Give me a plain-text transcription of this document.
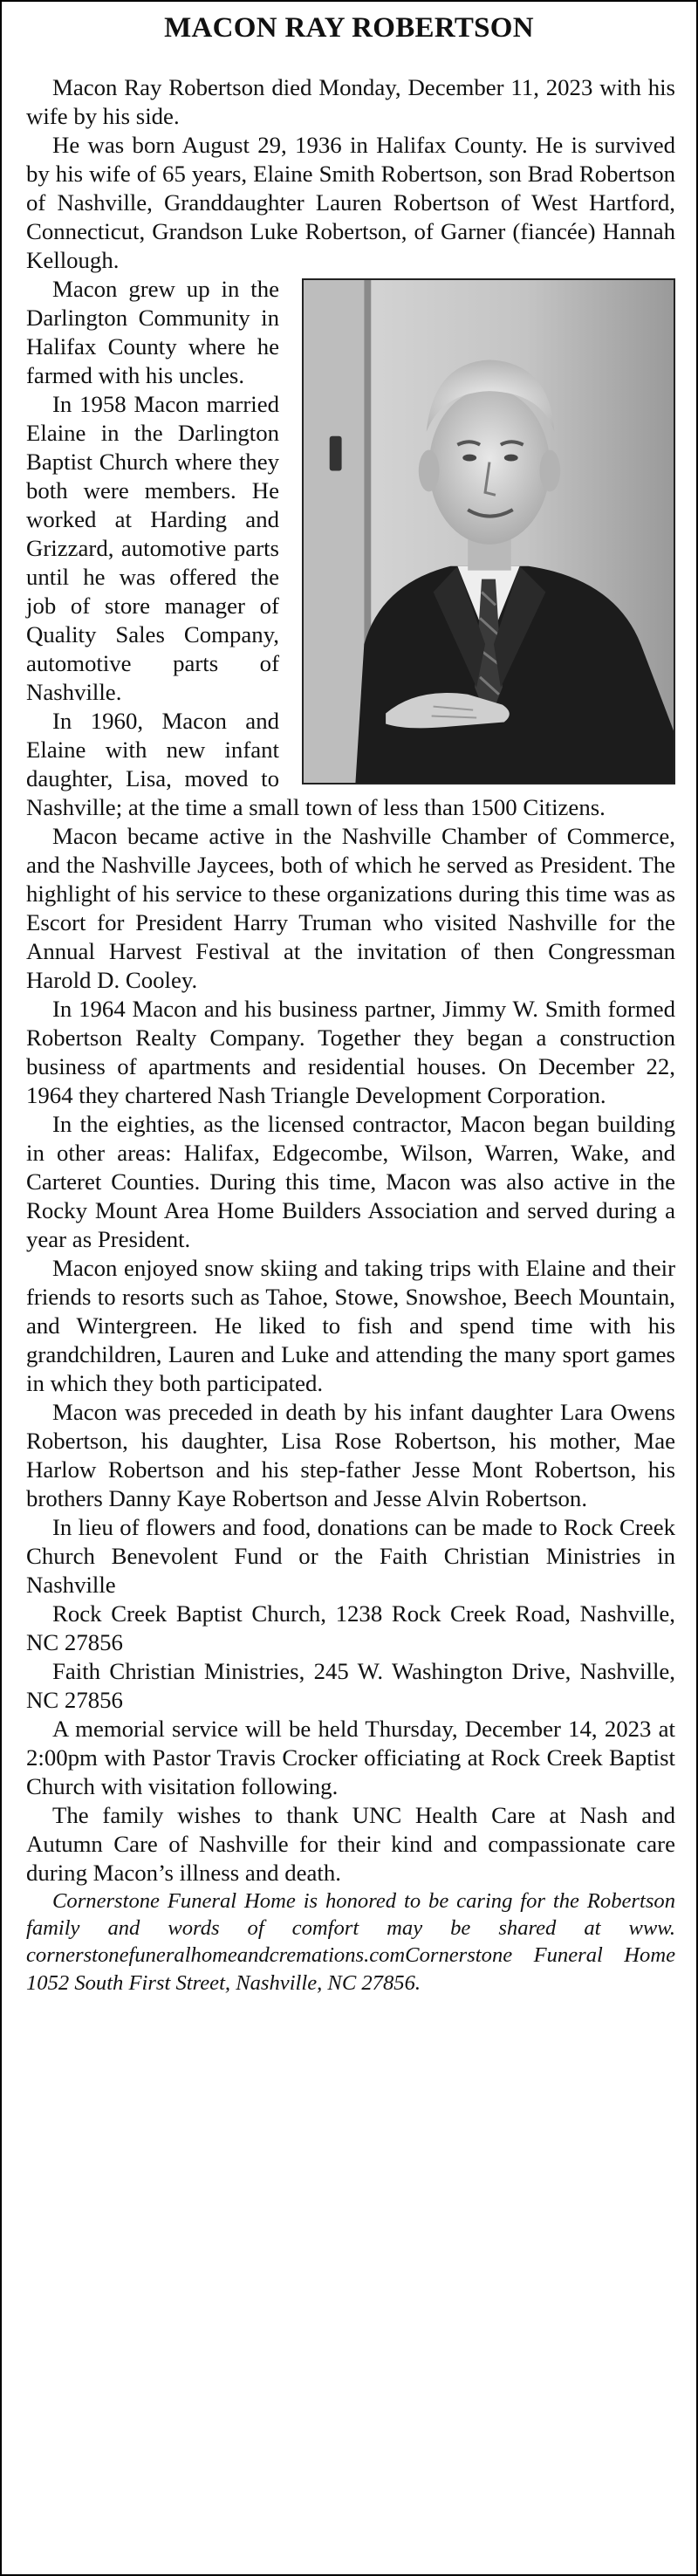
MACON RAY ROBERTSON

Macon Ray Robertson died Monday, December 11, 2023 with his wife by his side.

He was born August 29, 1936 in Halifax County. He is survived by his wife of 65 years, Elaine Smith Robertson, son Brad Robertson of Nashville, Granddaughter Lauren Robertson of West Hartford, Connecticut, Grandson Luke Robertson, of Garner (fiancée) Hannah Kellough.

Macon grew up in the Darlington Community in Halifax County where he farmed with his uncles.

In 1958 Macon married Elaine in the Darlington Baptist Church where they both were members. He worked at Harding and Grizzard, automotive parts until he was offered the job of store manager of Quality Sales Company, automotive parts of Nashville.

In 1960, Macon and Elaine with new infant daughter, Lisa, moved to Nashville; at the time a small town of less than 1500 Citizens.

Macon became active in the Nashville Chamber of Commerce, and the Nashville Jaycees, both of which he served as President. The highlight of his service to these organizations during this time was as Escort for President Harry Truman who visited Nashville for the Annual Harvest Festival at the invitation of then Congressman Harold D. Cooley.

In 1964 Macon and his business partner, Jimmy W. Smith formed Robertson Realty Company. Together they began a construction business of apartments and residential houses. On December 22, 1964 they chartered Nash Triangle Development Corporation.

In the eighties, as the licensed contractor, Macon began building in other areas: Halifax, Edgecombe, Wilson, Warren, Wake, and Carteret Counties. During this time, Macon was also active in the Rocky Mount Area Home Builders Association and served during a year as President.

Macon enjoyed snow skiing and taking trips with Elaine and their friends to resorts such as Tahoe, Stowe, Snowshoe, Beech Mountain, and Wintergreen. He liked to fish and spend time with his grandchildren, Lauren and Luke and attending the many sport games in which they both participated.

Macon was preceded in death by his infant daughter Lara Owens Robertson, his daughter, Lisa Rose Robertson, his mother, Mae Harlow Robertson and his step-father Jesse Mont Robertson, his brothers Danny Kaye Robertson and Jesse Alvin Robertson.

In lieu of flowers and food, donations can be made to Rock Creek Church Benevolent Fund or the Faith Christian Ministries in Nashville

Rock Creek Baptist Church, 1238 Rock Creek Road, Nashville, NC 27856

Faith Christian Ministries, 245 W. Washington Drive, Nashville, NC 27856

A memorial service will be held Thursday, December 14, 2023 at 2:00pm with Pastor Travis Crocker officiating at Rock Creek Baptist Church with visitation following.

The family wishes to thank UNC Health Care at Nash and Autumn Care of Nashville for their kind and compassionate care during Macon’s illness and death.

Cornerstone Funeral Home is honored to be caring for the Robertson family and words of comfort may be shared at www. cornerstonefuneralhomeandcremations.comCornerstone Funeral Home 1052 South First Street, Nashville, NC 27856.
